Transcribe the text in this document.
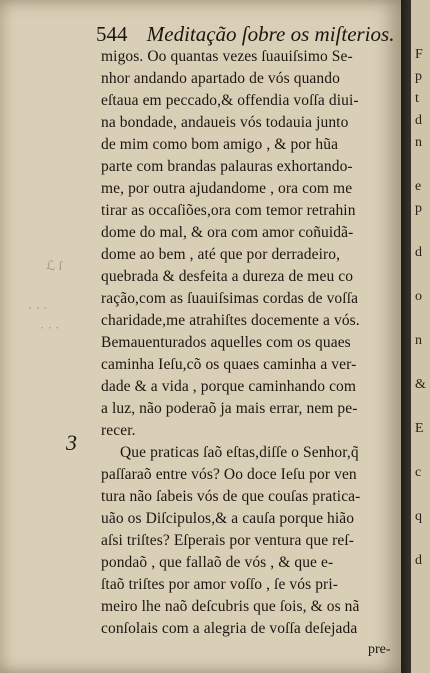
544 Meditação ſobre os miſterios.
ℒ ſ
· · ·
· · ·
3
migos. Oo quantas vezes ſuauiſsimo Se-
nhor andando apartado de vós quando
eſtaua em peccado,& offendia voſſa diui-
na bondade, andaueis vós todauia junto
de mim como bom amigo , & por hũa
parte com brandas palauras exhortando-
me, por outra ajudandome , ora com me
tirar as occaſiões,ora com temor retrahin
dome do mal, & ora com amor coñuidã-
dome ao bem , até que por derradeiro,
quebrada & desfeita a dureza de meu co
ração,com as ſuauiſsimas cordas de voſſa
charidade,me atrahiſtes docemente a vós.
Bemauenturados aquelles com os quaes
caminha Ieſu,cõ os quaes caminha a ver-
dade & a vida , porque caminhando com
a luz, não poderaõ ja mais errar, nem pe-
recer.
Que praticas ſaõ eſtas,diſſe o Senhor,q̃
paſſaraõ entre vós? Oo doce Ieſu por ven
tura não ſabeis vós de que couſas pratica-
uão os Diſcipulos,& a cauſa porque hião
aſsi triſtes? Eſperais por ventura que reſ-
pondaõ , que fallaõ de vós , & que e-
ſtaõ triſtes por amor voſſo , ſe vós pri-
meiro lhe naõ deſcubris que ſois, & os nã
conſolais com a alegria de voſſa deſejada
pre-
F
p
t
d
n
e
p
d
o
n
&
E
c
q
d
